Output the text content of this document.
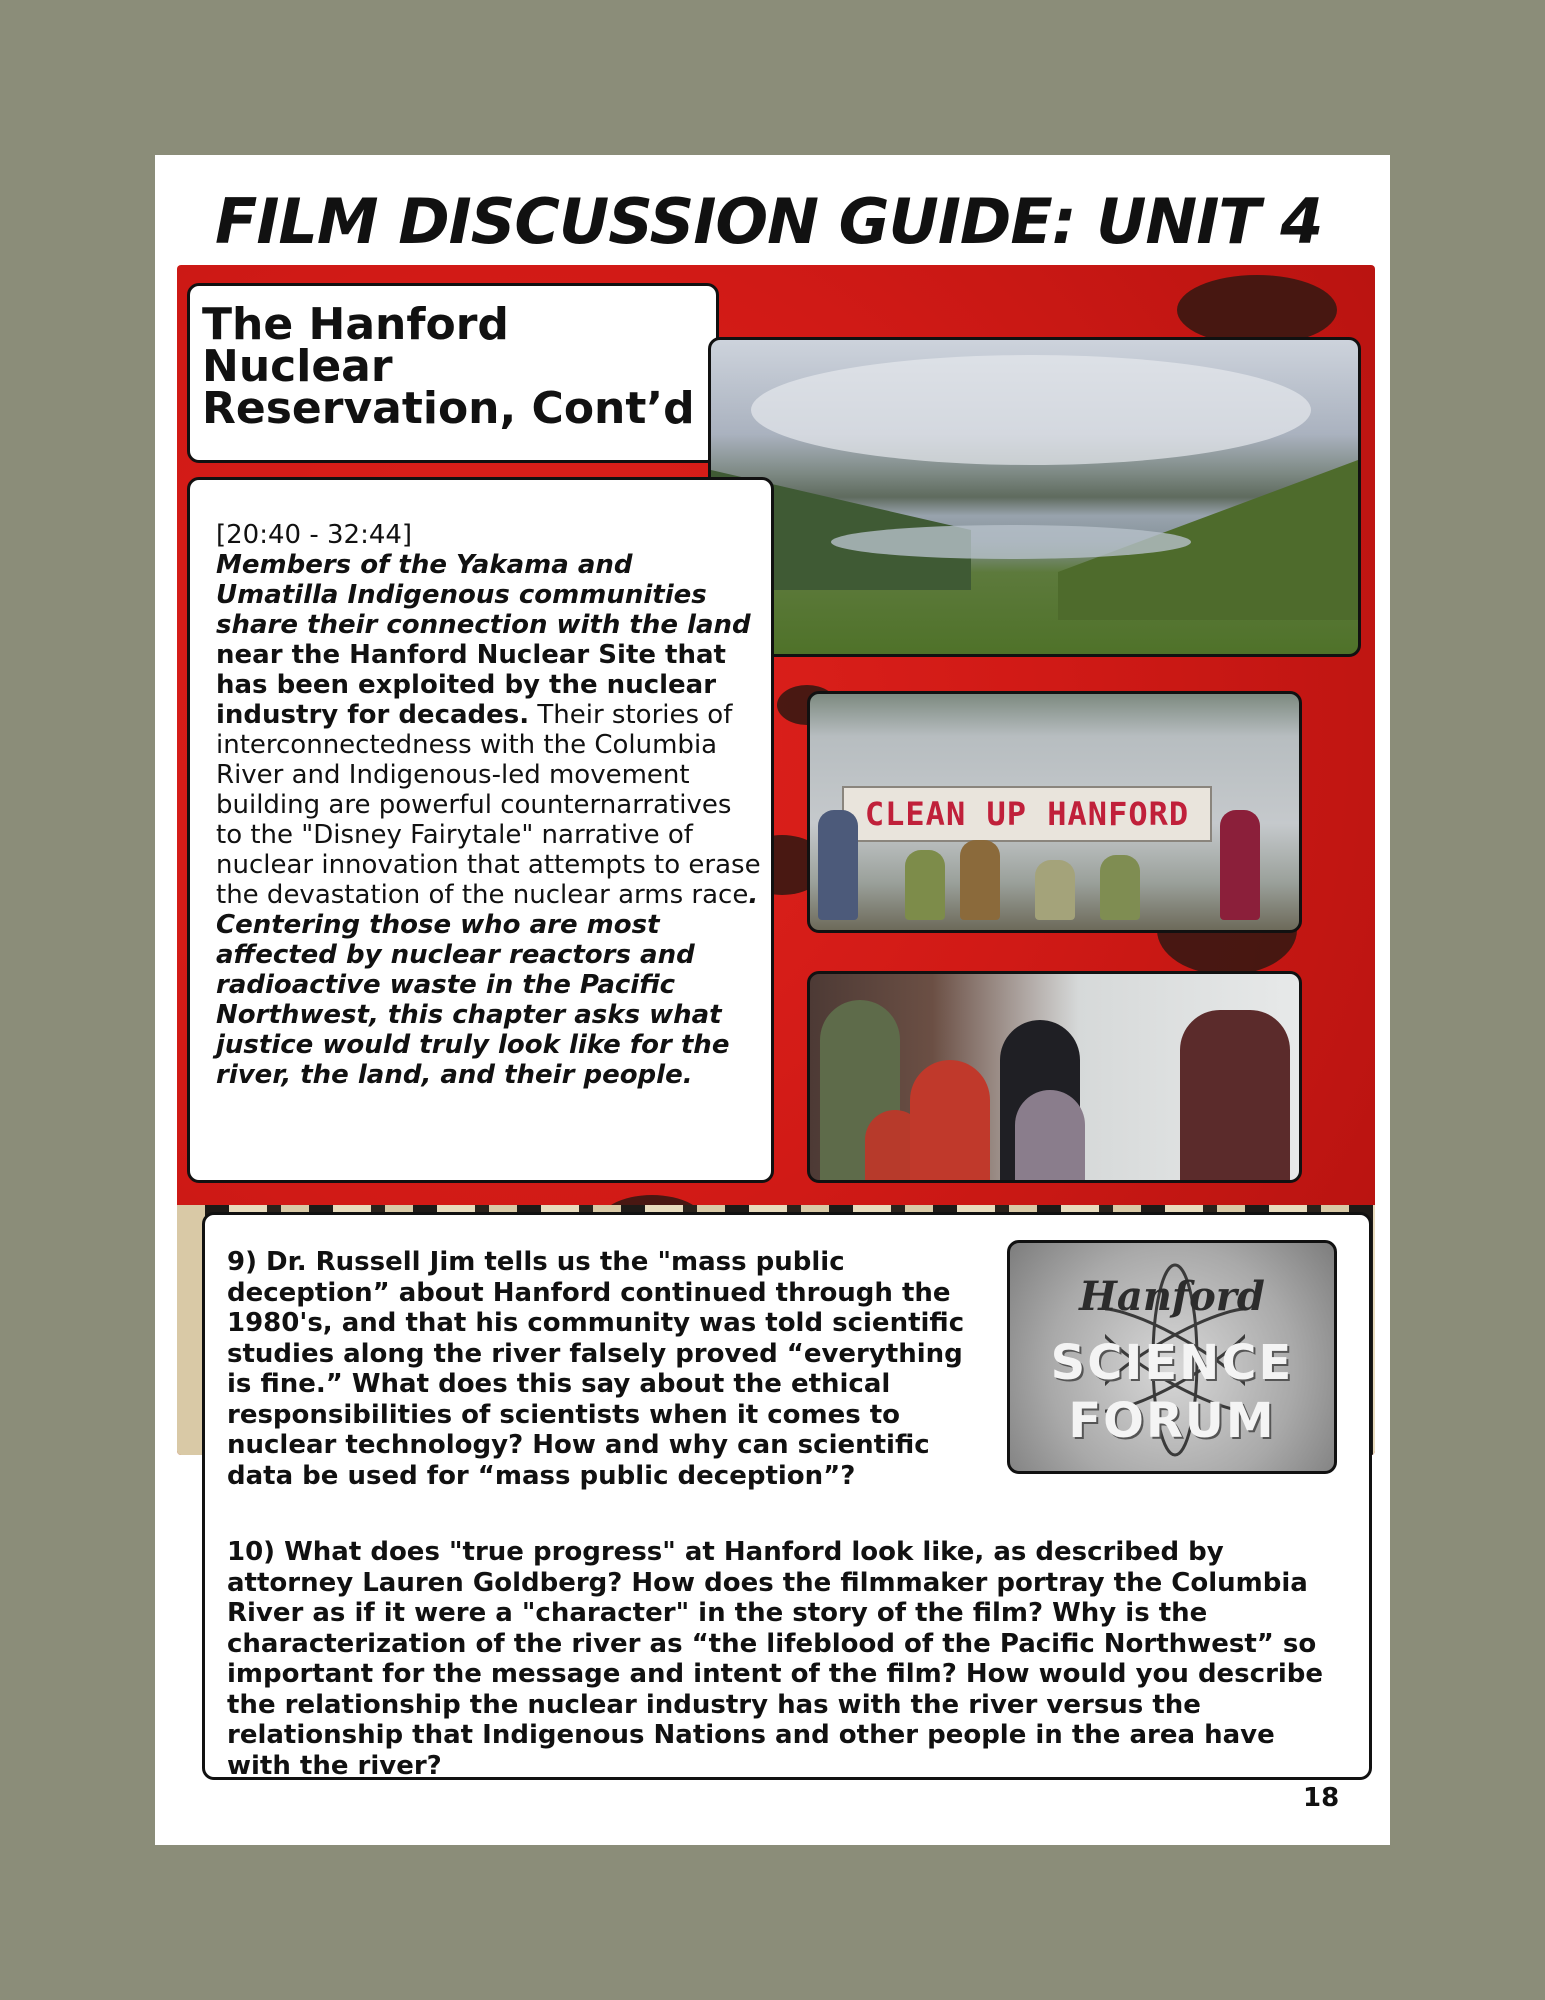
FILM DISCUSSION GUIDE: UNIT 4
The Hanford Nuclear Reservation, Cont’d
[20:40 - 32:44]
Members of the Yakama and Umatilla Indigenous communities share their connection with the land near the Hanford Nuclear Site that has been exploited by the nuclear industry for decades. Their stories of interconnectedness with the Columbia River and Indigenous-led movement building are powerful counternarratives to the "Disney Fairytale" narrative of nuclear innovation that attempts to erase the devastation of the nuclear arms race. Centering those who are most affected by nuclear reactors and radioactive waste in the Pacific Northwest, this chapter asks what justice would truly look like for the river, the land, and their people.
CLEAN UP HANFORD
9) Dr. Russell Jim tells us the "mass public deception” about Hanford continued through the 1980's, and that his community was told scientific studies along the river falsely proved “everything is fine.” What does this say about the ethical responsibilities of scientists when it comes to nuclear technology? How and why can scientific data be used for “mass public deception”?
10) What does "true progress" at Hanford look like, as described by attorney Lauren Goldberg? How does the filmmaker portray the Columbia River as if it were a "character" in the story of the film? Why is the characterization of the river as “the lifeblood of the Pacific Northwest” so important for the message and intent of the film? How would you describe the relationship the nuclear industry has with the river versus the relationship that Indigenous Nations and other people in the area have with the river?
Hanford
SCIENCE
FORUM
18
